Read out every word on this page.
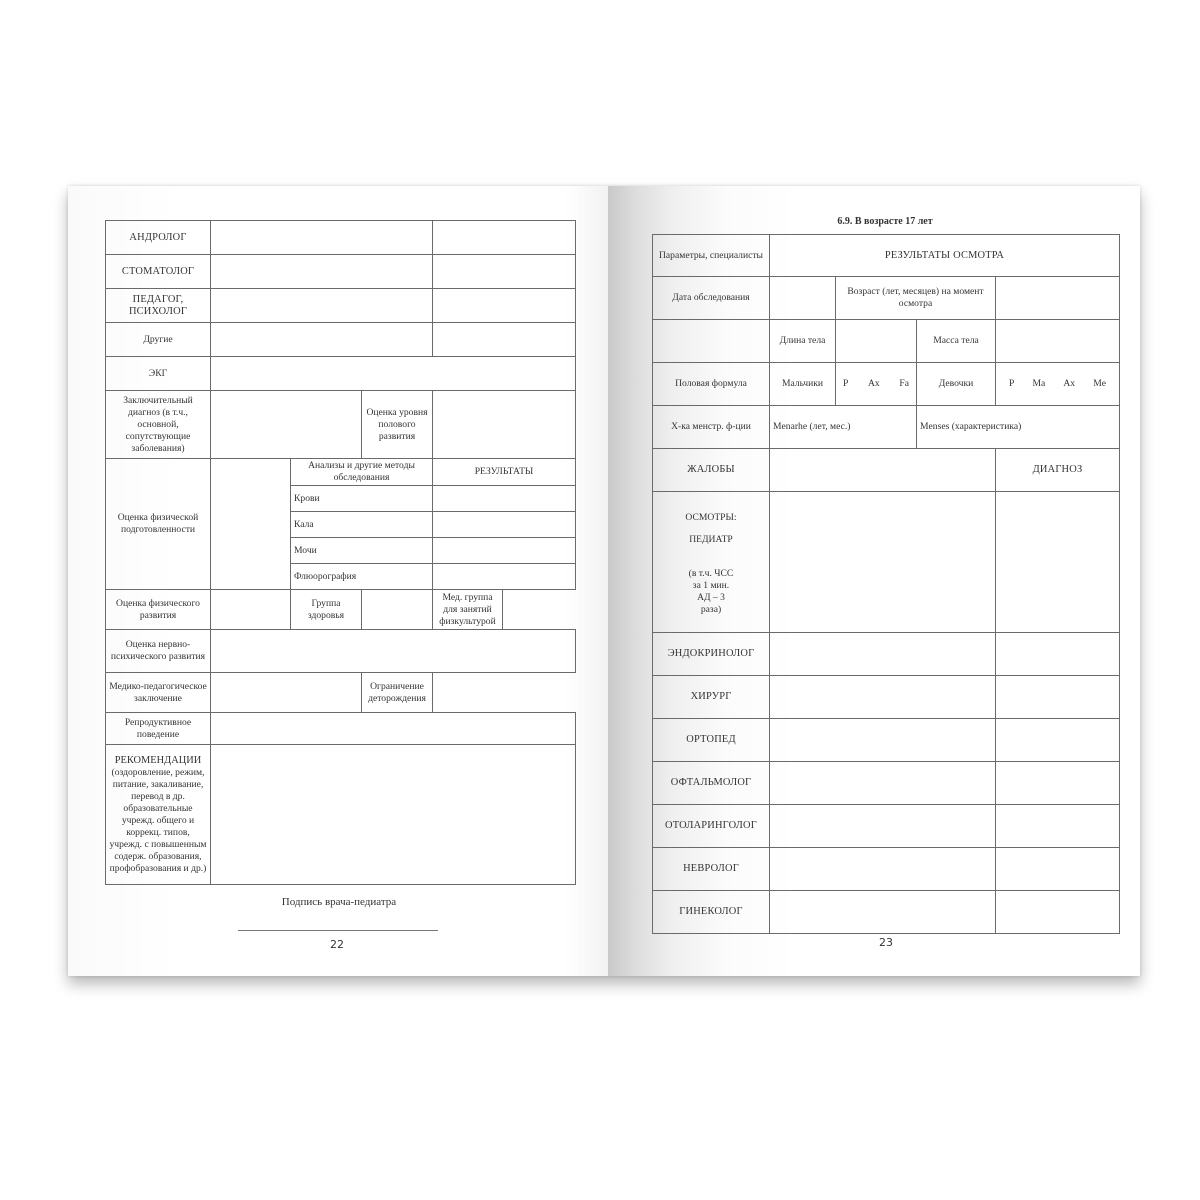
АНДРОЛОГ					
СТОМАТОЛОГ					
ПЕДАГОГ, ПСИХОЛОГ					
Другие					
ЭКГ					
Заключительный диагноз (в т.ч., основной, сопутствующие заболевания)			Оценка уровня полового развития		
Оценка физической подготовленности		Анализы и другие методы обследования		РЕЗУЛЬТАТЫ	
		Крови			
		Кала			
		Мочи			
		Флюорография			
Оценка физического развития		Группа здоровья		Мед. группа для занятий физкультурой	
Оценка нервно-психического развития					
Медико-педагогическое заключение			Ограничение деторождения		
Репродуктивное поведение					

РЕКОМЕНДАЦИИ
(оздоровление, режим, питание, закаливание, перевод в др. образовательные учрежд. общего и коррекц. типов, учрежд. с повышенным содерж. образования, профобразования и др.)					

Подпись врача-педиатра
22
6.9. В возрасте 17 лет
Параметры, специалисты	РЕЗУЛЬТАТЫ ОСМОТРА			
Дата обследования		Возраст (лет, месяцев) на момент осмотра		
	Длина тела		Масса тела	
Половая формула	Мальчики	P Ax Fa	Девочки	P Ma Ax Me

Х-ка менстр. ф-ции	Menarhe (лет, мес.)		Menses (характеристика)	
ЖАЛОБЫ				ДИАГНОЗ

ОСМОТРЫ:
ПЕДИАТР
(в т.ч. ЧСС за 1 мин. АД – 3 раза)				

ЭНДОКРИНОЛОГ				
ХИРУРГ				
ОРТОПЕД				
ОФТАЛЬМОЛОГ				
ОТОЛАРИНГОЛОГ				
НЕВРОЛОГ				
ГИНЕКОЛОГ				
23
